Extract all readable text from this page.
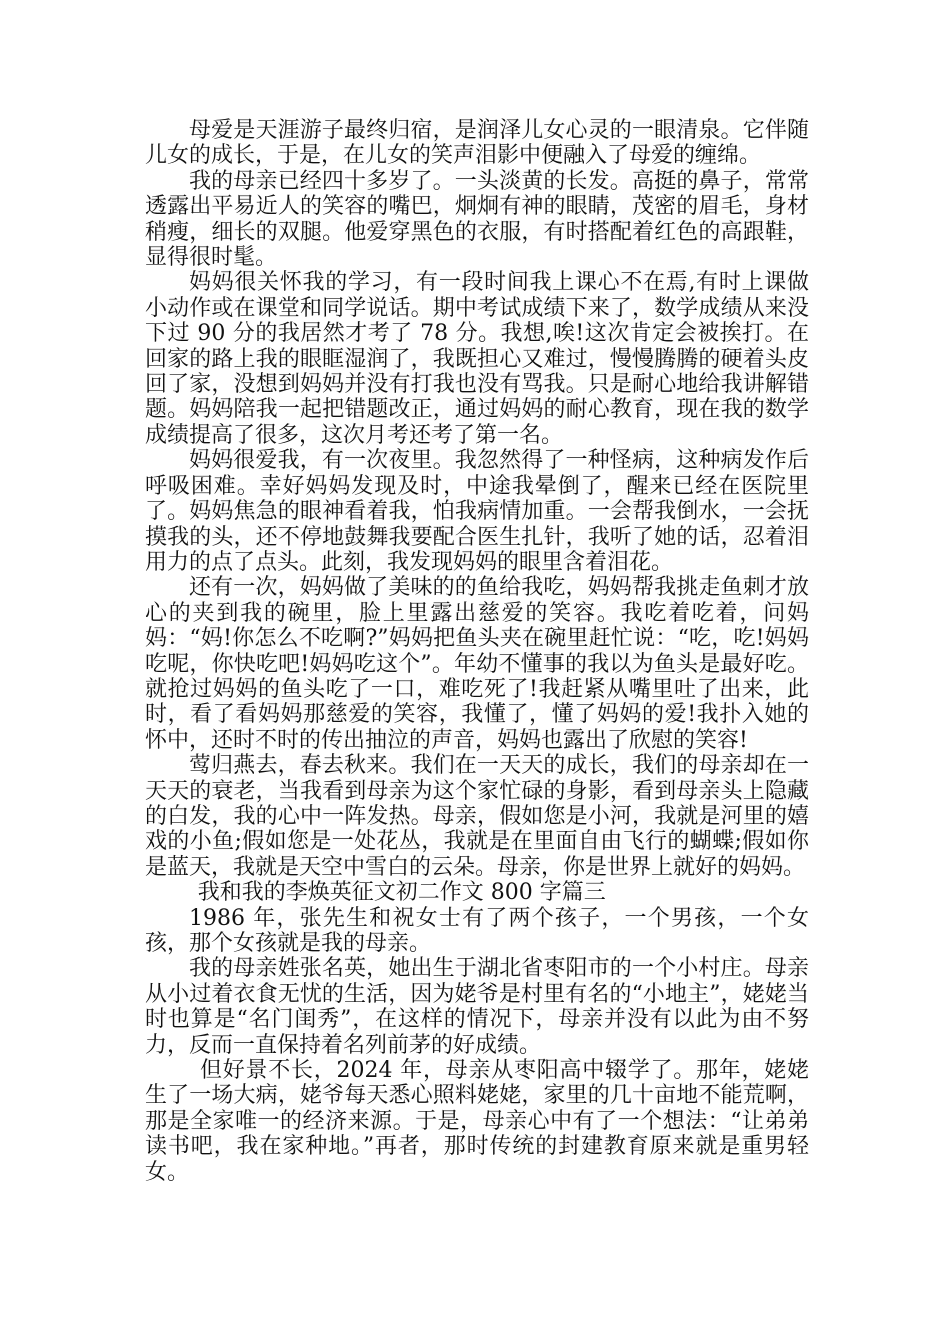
母爱是天涯游子最终归宿，是润泽儿女心灵的一眼清泉。它伴随儿女的成长，于是，在儿女的笑声泪影中便融入了母爱的缠绵。

我的母亲已经四十多岁了。一头淡黄的长发。高挺的鼻子，常常透露出平易近人的笑容的嘴巴，炯炯有神的眼睛，茂密的眉毛，身材稍瘦，细长的双腿。他爱穿黑色的衣服，有时搭配着红色的高跟鞋，显得很时髦。

妈妈很关怀我的学习，有一段时间我上课心不在焉,有时上课做小动作或在课堂和同学说话。期中考试成绩下来了，数学成绩从来没下过 90 分的我居然才考了 78 分。我想,唉!这次肯定会被挨打。在回家的路上我的眼眶湿润了，我既担心又难过，慢慢腾腾的硬着头皮回了家，没想到妈妈并没有打我也没有骂我。只是耐心地给我讲解错题。妈妈陪我一起把错题改正，通过妈妈的耐心教育，现在我的数学成绩提高了很多，这次月考还考了第一名。

妈妈很爱我，有一次夜里。我忽然得了一种怪病，这种病发作后呼吸困难。幸好妈妈发现及时，中途我晕倒了，醒来已经在医院里了。妈妈焦急的眼神看着我，怕我病情加重。一会帮我倒水，一会抚摸我的头，还不停地鼓舞我要配合医生扎针，我听了她的话，忍着泪用力的点了点头。此刻，我发现妈妈的眼里含着泪花。

还有一次，妈妈做了美味的的鱼给我吃，妈妈帮我挑走鱼刺才放心的夹到我的碗里，脸上里露出慈爱的笑容。我吃着吃着，问妈妈：“妈!你怎么不吃啊?”妈妈把鱼头夹在碗里赶忙说：“吃，吃!妈妈吃呢，你快吃吧!妈妈吃这个”。年幼不懂事的我以为鱼头是最好吃。就抢过妈妈的鱼头吃了一口，难吃死了!我赶紧从嘴里吐了出来，此时，看了看妈妈那慈爱的笑容，我懂了，懂了妈妈的爱!我扑入她的怀中，还时不时的传出抽泣的声音，妈妈也露出了欣慰的笑容!

莺归燕去，春去秋来。我们在一天天的成长，我们的母亲却在一天天的衰老，当我看到母亲为这个家忙碌的身影，看到母亲头上隐藏的白发，我的心中一阵发热。母亲，假如您是小河，我就是河里的嬉戏的小鱼;假如您是一处花丛，我就是在里面自由飞行的蝴蝶;假如你是蓝天，我就是天空中雪白的云朵。母亲，你是世界上就好的妈妈。

我和我的李焕英征文初二作文 800 字篇三

1986 年，张先生和祝女士有了两个孩子，一个男孩，一个女孩，那个女孩就是我的母亲。

我的母亲姓张名英，她出生于湖北省枣阳市的一个小村庄。母亲从小过着衣食无忧的生活，因为姥爷是村里有名的“小地主”，姥姥当时也算是“名门闺秀”，在这样的情况下，母亲并没有以此为由不努力，反而一直保持着名列前茅的好成绩。

但好景不长，2024 年，母亲从枣阳高中辍学了。那年，姥姥生了一场大病，姥爷每天悉心照料姥姥，家里的几十亩地不能荒啊，那是全家唯一的经济来源。于是，母亲心中有了一个想法：“让弟弟读书吧，我在家种地。”再者，那时传统的封建教育原来就是重男轻女。
